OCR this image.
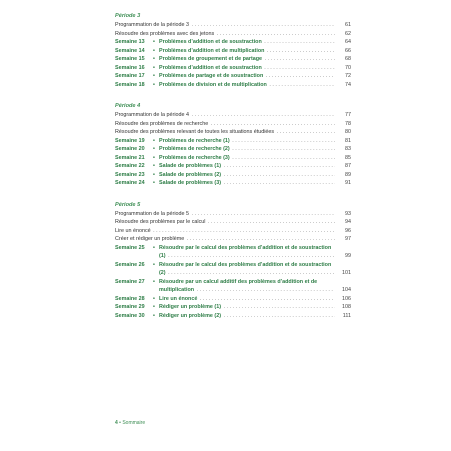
Période 3
Programmation de la période 3 . . .	61
Résoudre des problèmes avec des jetons . . .	62
Semaine 13	• Problèmes d’addition et de soustraction . . .	64
Semaine 14	• Problèmes d’addition et de multiplication . . .	66
Semaine 15	• Problèmes de groupement et de partage . . .	68
Semaine 16	• Problèmes d’addition et de soustraction . . .	70
Semaine 17	• Problèmes de partage et de soustraction . . .	72
Semaine 18	• Problèmes de division et de multiplication . . .	74
Période 4
Programmation de la période 4 . . .	77
Résoudre des problèmes de recherche . . .	78
Résoudre des problèmes relevant de toutes les situations étudiées . . .	80
Semaine 19	• Problèmes de recherche (1) . . .	81
Semaine 20	• Problèmes de recherche (2) . . .	83
Semaine 21	• Problèmes de recherche (3) . . .	85
Semaine 22	• Salade de problèmes (1) . . .	87
Semaine 23	• Salade de problèmes (2) . . .	89
Semaine 24	• Salade de problèmes (3) . . .	91
Période 5
Programmation de la période 5 . . .	93
Résoudre des problèmes par le calcul . . .	94
Lire un énoncé . . .	96
Créer et rédiger un problème . . .	97
Semaine 25	• Résoudre par le calcul des problèmes d’addition et de soustraction (1) . . .	99
Semaine 26	• Résoudre par le calcul des problèmes d’addition et de soustraction (2) . . .	101
Semaine 27	• Résoudre par un calcul additif des problèmes d’addition et de multiplication . . .	104
Semaine 28	• Lire un énoncé . . .	106
Semaine 29	• Rédiger un problème (1) . . .	108
Semaine 30	• Rédiger un problème (2) . . .	111
4 • Sommaire
